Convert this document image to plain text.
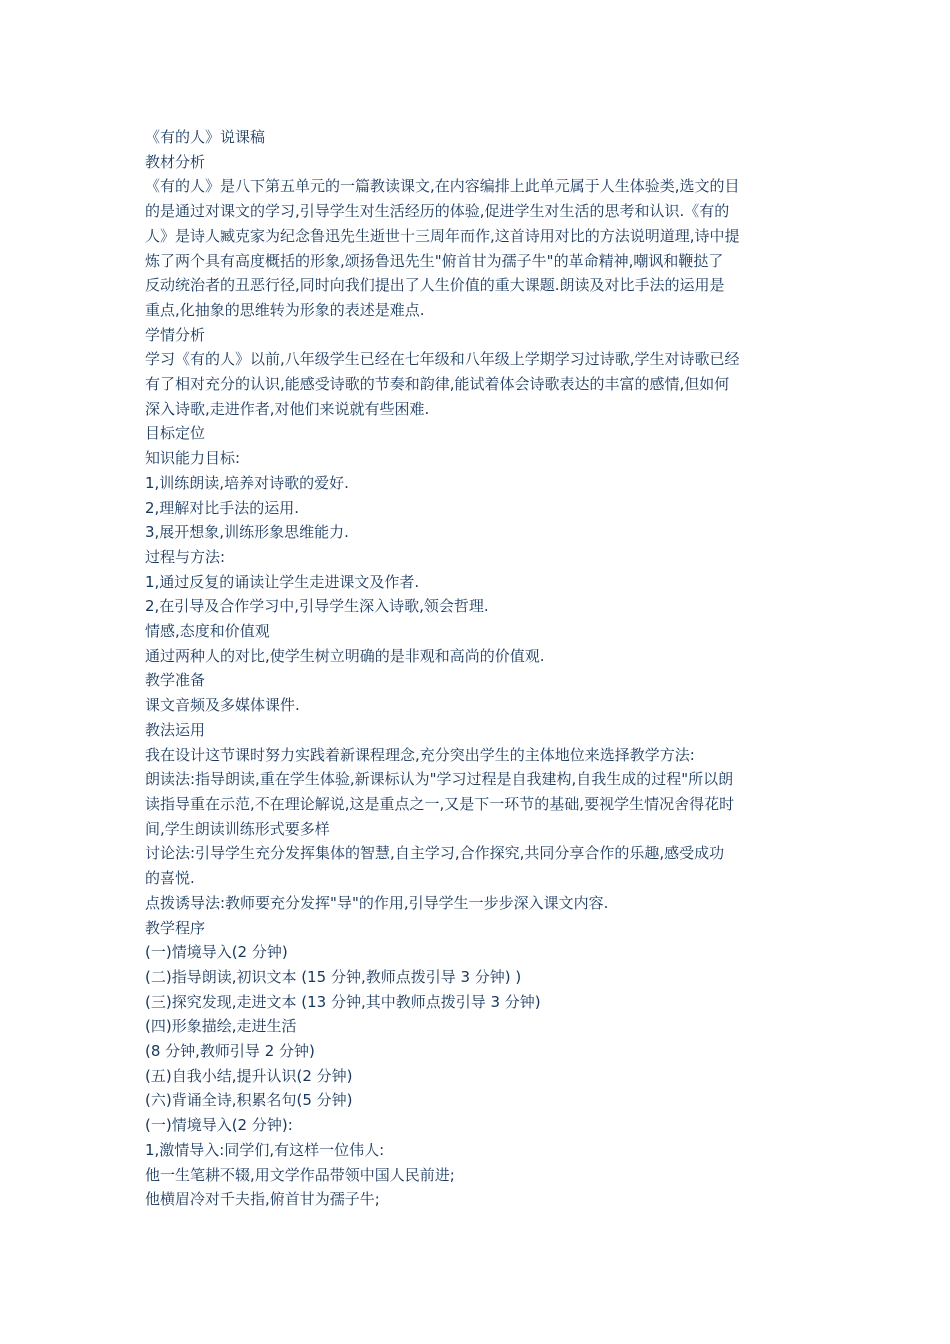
《有的人》说课稿
教材分析
《有的人》是八下第五单元的一篇教读课文,在内容编排上此单元属于人生体验类,选文的目
的是通过对课文的学习,引导学生对生活经历的体验,促进学生对生活的思考和认识.《有的
人》是诗人臧克家为纪念鲁迅先生逝世十三周年而作,这首诗用对比的方法说明道理,诗中提
炼了两个具有高度概括的形象,颂扬鲁迅先生"俯首甘为孺子牛"的革命精神,嘲讽和鞭挞了
反动统治者的丑恶行径,同时向我们提出了人生价值的重大课题.朗读及对比手法的运用是
重点,化抽象的思维转为形象的表述是难点.
学情分析
学习《有的人》以前,八年级学生已经在七年级和八年级上学期学习过诗歌,学生对诗歌已经
有了相对充分的认识,能感受诗歌的节奏和韵律,能试着体会诗歌表达的丰富的感情,但如何
深入诗歌,走进作者,对他们来说就有些困难.
目标定位
知识能力目标:
1,训练朗读,培养对诗歌的爱好.
2,理解对比手法的运用.
3,展开想象,训练形象思维能力.
过程与方法:
1,通过反复的诵读让学生走进课文及作者.
2,在引导及合作学习中,引导学生深入诗歌,领会哲理.
情感,态度和价值观
通过两种人的对比,使学生树立明确的是非观和高尚的价值观.
教学准备
课文音频及多媒体课件.
教法运用
我在设计这节课时努力实践着新课程理念,充分突出学生的主体地位来选择教学方法:
朗读法:指导朗读,重在学生体验,新课标认为"学习过程是自我建构,自我生成的过程"所以朗
读指导重在示范,不在理论解说,这是重点之一,又是下一环节的基础,要视学生情况舍得花时
间,学生朗读训练形式要多样
讨论法:引导学生充分发挥集体的智慧,自主学习,合作探究,共同分享合作的乐趣,感受成功
的喜悦.
点拨诱导法:教师要充分发挥"导"的作用,引导学生一步步深入课文内容.
教学程序
(一)情境导入(2 分钟)
(二)指导朗读,初识文本 (15 分钟,教师点拨引导 3 分钟) )
(三)探究发现,走进文本 (13 分钟,其中教师点拨引导 3 分钟)
(四)形象描绘,走进生活
(8 分钟,教师引导 2 分钟)
(五)自我小结,提升认识(2 分钟)
(六)背诵全诗,积累名句(5 分钟)
(一)情境导入(2 分钟):
1,激情导入:同学们,有这样一位伟人:
他一生笔耕不辍,用文学作品带领中国人民前进;
他横眉冷对千夫指,俯首甘为孺子牛;
